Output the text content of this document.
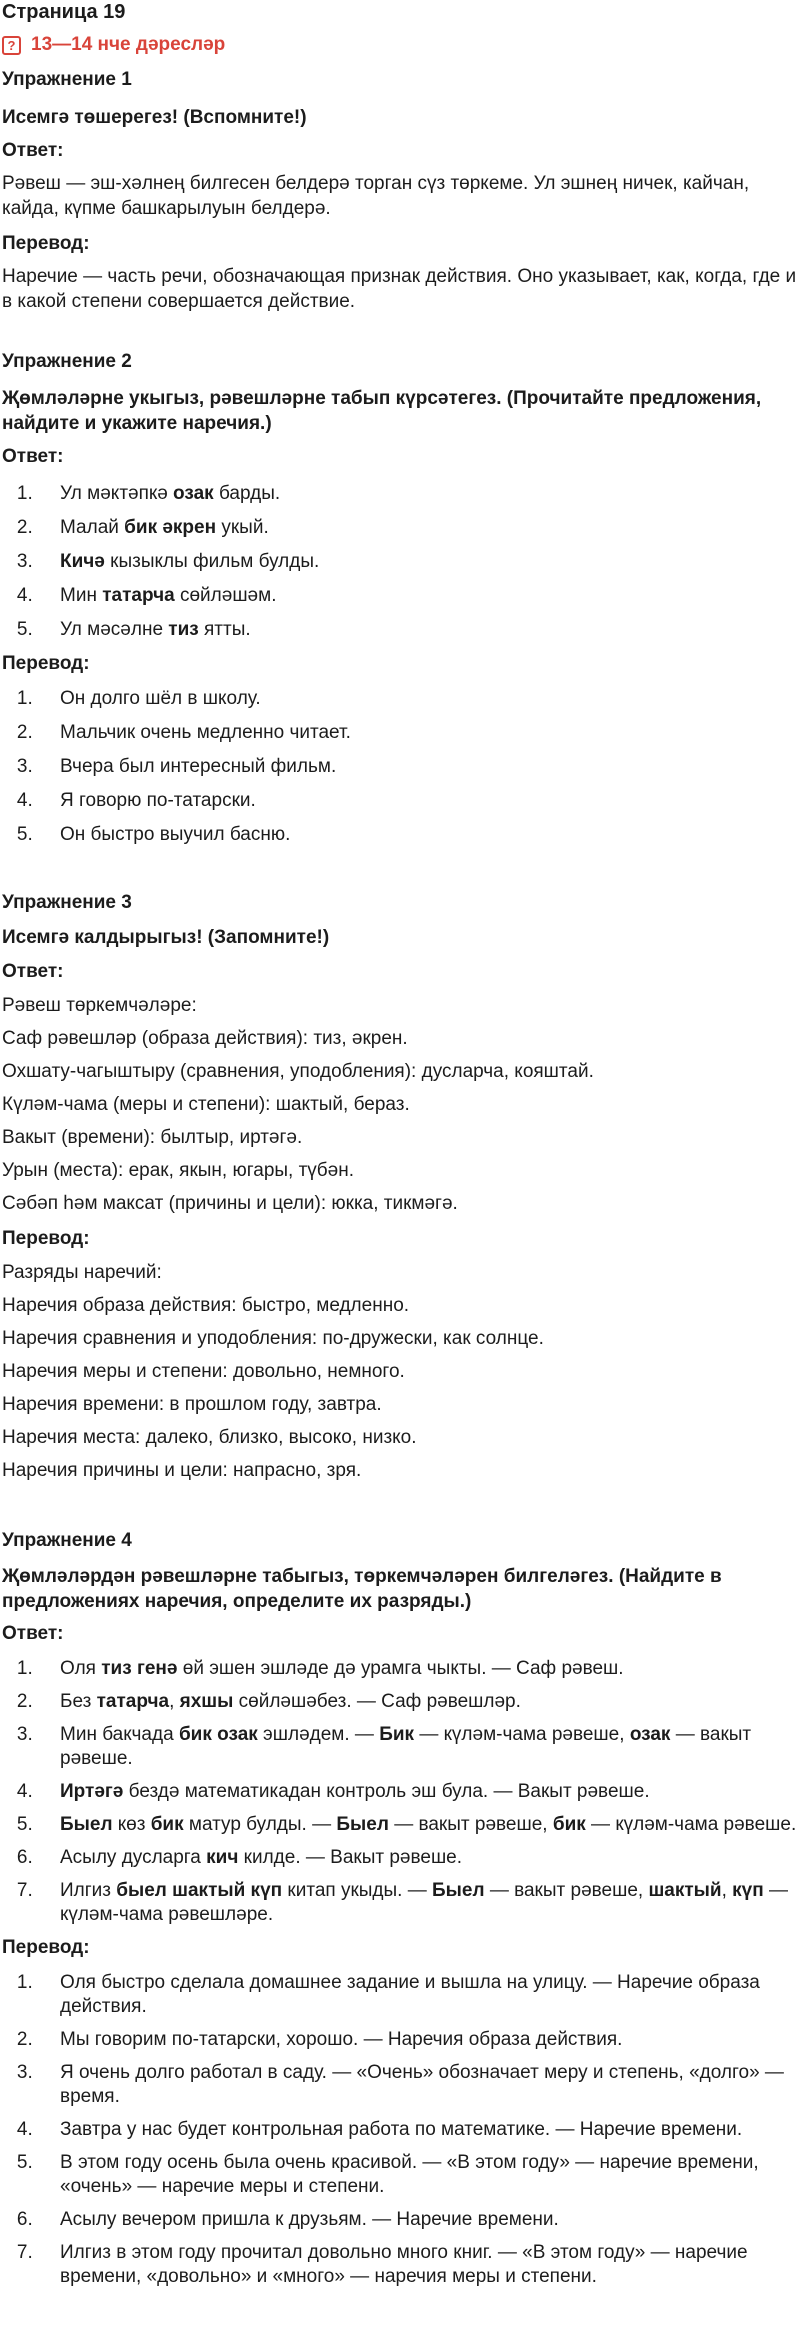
Страница 19
? 13—14 нче дәресләр
Упражнение 1
Исемгә төшерегез! (Вспомните!)
Ответ:
Рәвеш — эш-хәлнең билгесен белдерә торган сүз төркеме. Ул эшнең ничек, кайчан, кайда, күпме башкарылуын белдерә.
Перевод:
Наречие — часть речи, обозначающая признак действия. Оно указывает, как, когда, где и в какой степени совершается действие.
Упражнение 2
Җөмләләрне укыгыз, рәвешләрне табып күрсәтегез. (Прочитайте предложения, найдите и укажите наречия.)
Ответ:
1. Ул мәктәпкә озак барды.
2. Малай бик әкрен укый.
3. Кичә кызыклы фильм булды.
4. Мин татарча сөйләшәм.
5. Ул мәсәлне тиз ятты.
Перевод:
1. Он долго шёл в школу.
2. Мальчик очень медленно читает.
3. Вчера был интересный фильм.
4. Я говорю по-татарски.
5. Он быстро выучил басню.
Упражнение 3
Исемгә калдырыгыз! (Запомните!)
Ответ:
Рәвеш төркемчәләре:
Саф рәвешләр (образа действия): тиз, әкрен.
Охшату-чагыштыру (сравнения, уподобления): дусларча, кояштай.
Күләм-чама (меры и степени): шактый, бераз.
Вакыт (времени): былтыр, иртәгә.
Урын (места): ерак, якын, югары, түбән.
Сәбәп һәм максат (причины и цели): юкка, тикмәгә.
Перевод:
Разряды наречий:
Наречия образа действия: быстро, медленно.
Наречия сравнения и уподобления: по-дружески, как солнце.
Наречия меры и степени: довольно, немного.
Наречия времени: в прошлом году, завтра.
Наречия места: далеко, близко, высоко, низко.
Наречия причины и цели: напрасно, зря.
Упражнение 4
Җөмләләрдән рәвешләрне табыгыз, төркемчәләрен билгеләгез. (Найдите в предложениях наречия, определите их разряды.)
Ответ:
1. Оля тиз генә өй эшен эшләде дә урамга чыкты. — Саф рәвеш.
2. Без татарча, яхшы сөйләшәбез. — Саф рәвешләр.
3. Мин бакчада бик озак эшләдем. — Бик — күләм-чама рәвеше, озак — вакыт рәвеше.
4. Иртәгә бездә математикадан контроль эш була. — Вакыт рәвеше.
5. Быел көз бик матур булды. — Быел — вакыт рәвеше, бик — күләм-чама рәвеше.
6. Асылу дусларга кич килде. — Вакыт рәвеше.
7. Илгиз быел шактый күп китап укыды. — Быел — вакыт рәвеше, шактый, күп — күләм-чама рәвешләре.
Перевод:
1. Оля быстро сделала домашнее задание и вышла на улицу. — Наречие образа действия.
2. Мы говорим по-татарски, хорошо. — Наречия образа действия.
3. Я очень долго работал в саду. — «Очень» обозначает меру и степень, «долго» — время.
4. Завтра у нас будет контрольная работа по математике. — Наречие времени.
5. В этом году осень была очень красивой. — «В этом году» — наречие времени, «очень» — наречие меры и степени.
6. Асылу вечером пришла к друзьям. — Наречие времени.
7. Илгиз в этом году прочитал довольно много книг. — «В этом году» — наречие времени, «довольно» и «много» — наречия меры и степени.
